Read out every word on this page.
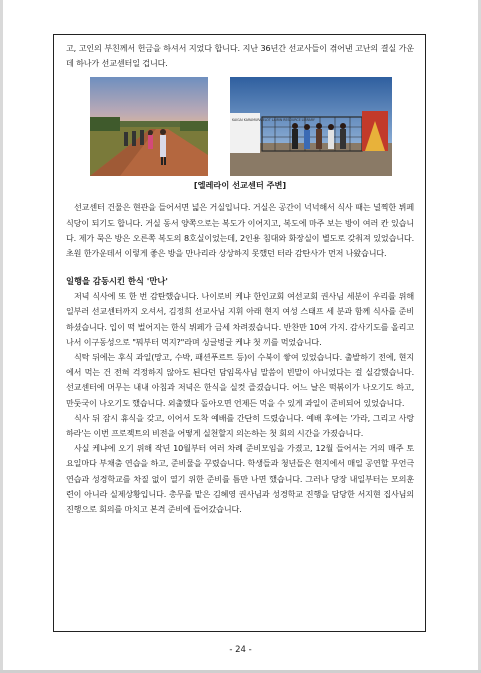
고, 고인의 부친께서 헌금을 하셔서 지었다 합니다. 지난 36년간 선교사들이 겪어낸 고난의 결실 가운데 하나가 선교센터일 겁니다.

KAIGAI KARAMURA ELOT LAIRIN RESOURCE LIBRARY
[엘레라이 선교센터 주변]

선교센터 건물은 현관을 들어서면 넓은 거실입니다. 거실은 공간이 넉넉해서 식사 때는 널찍한 뷔페식당이 되기도 합니다. 거실 동서 양쪽으로는 복도가 이어지고, 복도에 마주 보는 방이 여러 칸 있습니다. 제가 묵은 방은 오른쪽 복도의 8호실이었는데, 2인용 침대와 화장실이 별도로 갖춰져 있었습니다. 초원 한가운데서 이렇게 좋은 방을 만나리라 상상하지 못했던 터라 감탄사가 먼저 나왔습니다.

일행을 감동시킨 한식 '만나'

저녁 식사에 또 한 번 감탄했습니다. 나이로비 케냐 한인교회 여선교회 권사님 세분이 우리를 위해 일부러 선교센터까지 오셔서, 김정희 선교사님 지휘 아래 현지 여성 스태프 세 분과 함께 식사를 준비하셨습니다. 입이 떡 벌어지는 한식 뷔페가 금세 차려졌습니다. 반찬만 10여 가지. 감사기도를 올리고 나서 이구동성으로 "뭐부터 먹지?"라며 싱글벙글 케냐 첫 끼를 먹었습니다.

식탁 뒤에는 후식 과일(망고, 수박, 패션푸르트 등)이 수북이 쌓여 있었습니다. 출발하기 전에, 현지에서 먹는 건 전혀 걱정하지 않아도 된다던 담임목사님 말씀이 빈말이 아니었다는 걸 실감했습니다. 선교센터에 머무는 내내 아침과 저녁은 한식을 실컷 즐겼습니다. 어느 날은 떡볶이가 나오기도 하고, 만둣국이 나오기도 했습니다. 외출했다 돌아오면 언제든 먹을 수 있게 과일이 준비되어 있었습니다.

식사 뒤 잠시 휴식을 갖고, 이어서 도착 예배를 간단히 드렸습니다. 예배 후에는 '가라, 그리고 사랑하라'는 이번 프로젝트의 비전을 어떻게 실천할지 의논하는 첫 회의 시간을 가졌습니다.

사실 케냐에 오기 위해 작년 10월부터 여러 차례 준비모임을 가졌고, 12월 들어서는 거의 매주 토요일마다 부채춤 연습을 하고, 준비물을 꾸렸습니다. 학생들과 청년들은 현지에서 매일 공연할 무언극 연습과 성경학교를 차질 없이 열기 위한 준비를 틈만 나면 했습니다. 그러나 당장 내일부터는 모의훈련이 아니라 실제상황입니다. 총무를 맡은 김혜영 권사님과 성경학교 진행을 담당한 서지현 집사님의 진행으로 회의를 마치고 본격 준비에 들어갔습니다.

- 24 -
